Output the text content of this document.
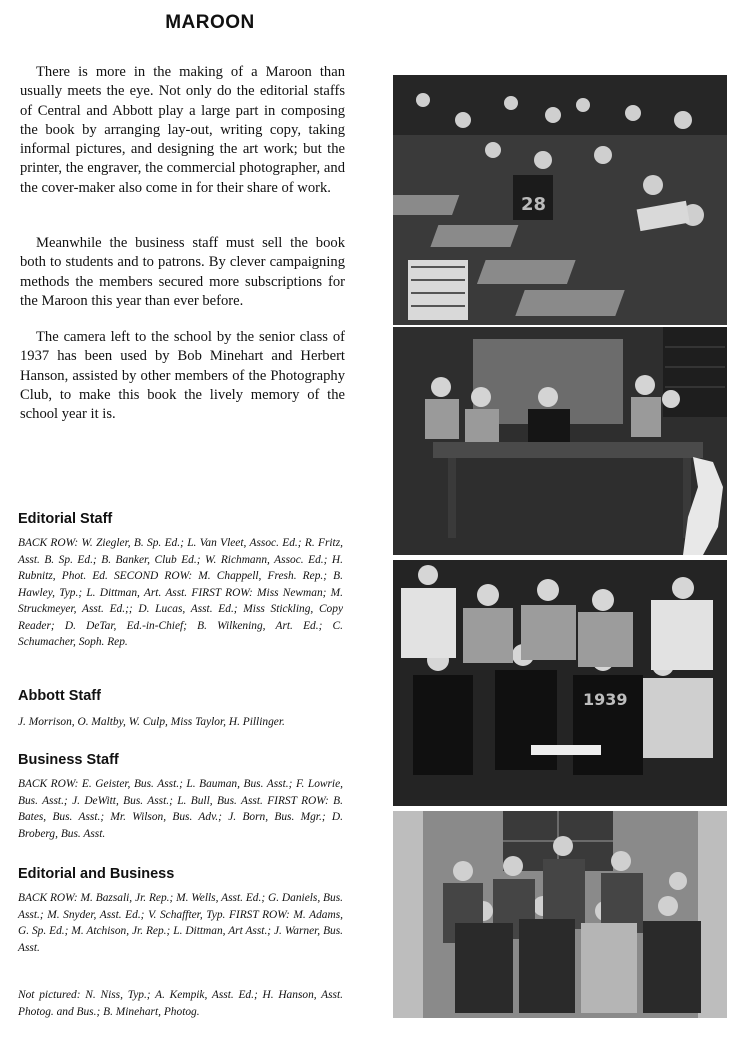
MAROON

There is more in the making of a Maroon than usually meets the eye. Not only do the editorial staffs of Central and Abbott play a large part in composing the book by arranging lay-out, writing copy, taking informal pictures, and designing the art work; but the printer, the engraver, the commercial photographer, and the cover-maker also come in for their share of work.

Meanwhile the business staff must sell the book both to students and to patrons. By clever campaigning methods the members secured more subscriptions for the Maroon this year than ever before.

The camera left to the school by the senior class of 1937 has been used by Bob Minehart and Herbert Hanson, assisted by other members of the Photography Club, to make this book the lively memory of the school year it is.

Editorial Staff

BACK ROW: W. Ziegler, B. Sp. Ed.; L. Van Vleet, Assoc. Ed.; R. Fritz, Asst. B. Sp. Ed.; B. Banker, Club Ed.; W. Richmann, Assoc. Ed.; H. Rubnitz, Phot. Ed. SECOND ROW: M. Chappell, Fresh. Rep.; B. Hawley, Typ.; L. Dittman, Art. Asst. FIRST ROW: Miss Newman; M. Struckmeyer, Asst. Ed.;; D. Lucas, Asst. Ed.; Miss Stickling, Copy Reader; D. DeTar, Ed.-in-Chief; B. Wilkening, Art. Ed.; C. Schumacher, Soph. Rep.

Abbott Staff

J. Morrison, O. Maltby, W. Culp, Miss Taylor, H. Pillinger.

Business Staff

BACK ROW: E. Geister, Bus. Asst.; L. Bauman, Bus. Asst.; F. Lowrie, Bus. Asst.; J. DeWitt, Bus. Asst.; L. Bull, Bus. Asst. FIRST ROW: B. Bates, Bus. Asst.; Mr. Wilson, Bus. Adv.; J. Born, Bus. Mgr.; D. Broberg, Bus. Asst.

Editorial and Business

BACK ROW: M. Bazsali, Jr. Rep.; M. Wells, Asst. Ed.; G. Daniels, Bus. Asst.; M. Snyder, Asst. Ed.; V. Schaffter, Typ. FIRST ROW: M. Adams, G. Sp. Ed.; M. Atchison, Jr. Rep.; L. Dittman, Art Asst.; J. Warner, Bus. Asst.

Not pictured: N. Niss, Typ.; A. Kempik, Asst. Ed.; H. Hanson, Asst. Photog. and Bus.; B. Minehart, Photog.

28
1939
